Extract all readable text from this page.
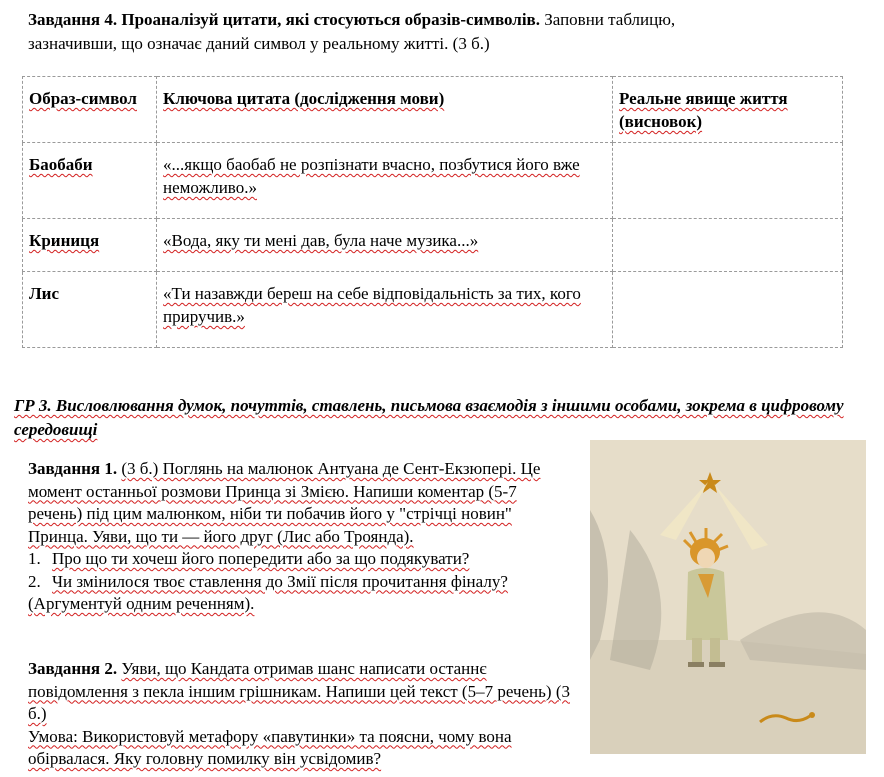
Завдання 4. Проаналізуй цитати, які стосуються образів-символів. Заповни таблицю,
зазначивши, що означає даний символ у реальному житті. (3 б.)
Образ-символ	Ключова цитата (дослідження мови)	Реальне явище життя (висновок)
Баобаби	«...якщо баобаб не розпізнати вчасно, позбутися його вже неможливо.»	
Криниця	«Вода, яку ти мені дав, була наче музика...»	
Лис	«Ти назавжди береш на себе відповідальність за тих, кого приручив.»	
ГР 3. Висловлювання думок, почуттів, ставлень, письмова взаємодія з іншими особами, зокрема в цифровому середовищі
Завдання 1. (3 б.) Поглянь на малюнок Антуана де Сент-Екзюпері. Це момент останньої розмови Принца зі Змією. Напиши коментар (5-7 речень) під цим малюнком, ніби ти побачив його у "стрічці новин" Принца. Уяви, що ти — його друг (Лис або Троянда).
1. Про що ти хочеш його попередити або за що подякувати?
2. Чи змінилося твоє ставлення до Змії після прочитання фіналу? (Аргументуй одним реченням).
Завдання 2. Уяви, що Кандата отримав шанс написати останнє повідомлення з пекла іншим грішникам. Напиши цей текст (5–7 речень) (3 б.)
Умова: Використовуй метафору «павутинки» та поясни, чому вона обірвалася. Яку головну помилку він усвідомив?
